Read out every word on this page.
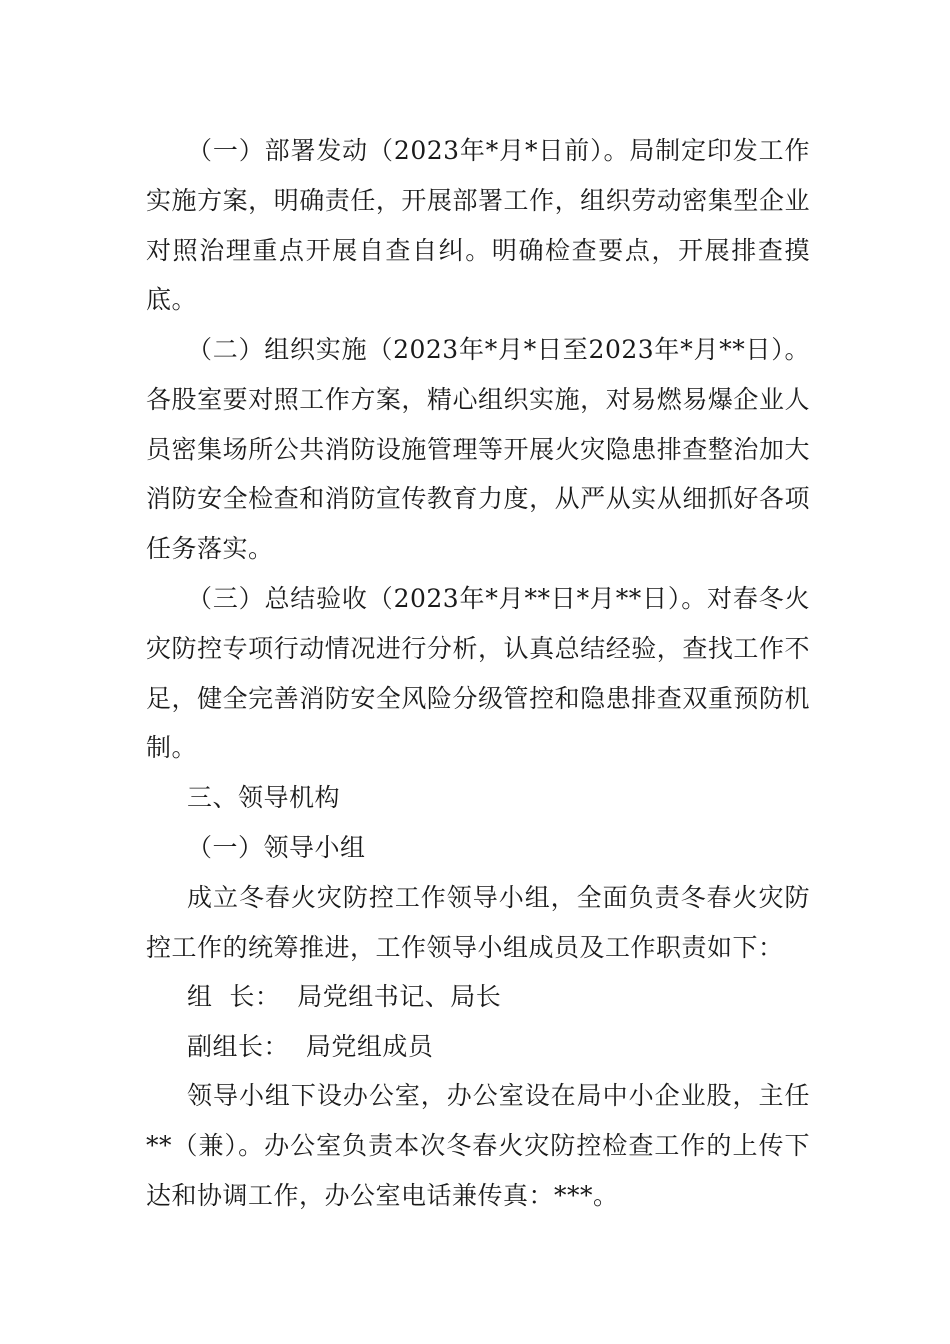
（一）部署发动（2023年*月*日前）。局制定印发工作实施方案，明确责任，开展部署工作，组织劳动密集型企业对照治理重点开展自查自纠。明确检查要点，开展排查摸底。

（二）组织实施（2023年*月*日至2023年*月**日）。各股室要对照工作方案，精心组织实施，对易燃易爆企业人员密集场所公共消防设施管理等开展火灾隐患排查整治加大消防安全检查和消防宣传教育力度，从严从实从细抓好各项任务落实。

（三）总结验收（2023年*月**日*月**日）。对春冬火灾防控专项行动情况进行分析，认真总结经验，查找工作不足，健全完善消防安全风险分级管控和隐患排查双重预防机制。

三、领导机构

（一）领导小组

成立冬春火灾防控工作领导小组，全面负责冬春火灾防控工作的统筹推进，工作领导小组成员及工作职责如下：

组  长：  局党组书记、局长

副组长：  局党组成员

领导小组下设办公室，办公室设在局中小企业股，主任**（兼）。办公室负责本次冬春火灾防控检查工作的上传下达和协调工作，办公室电话兼传真：***。
